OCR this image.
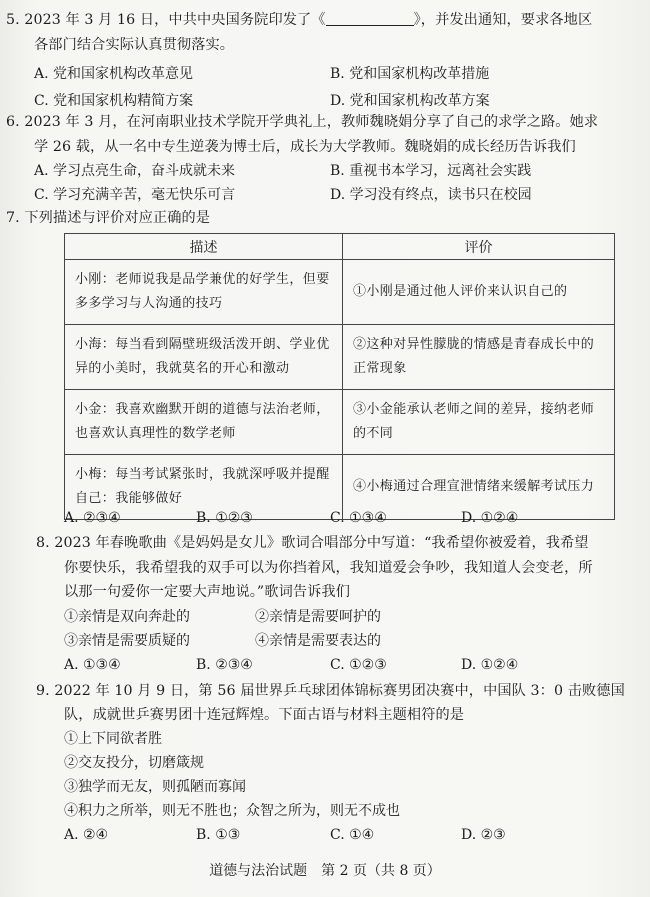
5. 2023 年 3 月 16 日，中共中央国务院印发了《	》，并发出通知，要求各地区
各部门结合实际认真贯彻落实。
A. 党和国家机构改革意见	B. 党和国家机构改革措施
C. 党和国家机构精简方案	D. 党和国家机构改革方案
6. 2023 年 3 月，在河南职业技术学院开学典礼上，教师魏晓娟分享了自己的求学之路。她求
学 26 载，从一名中专生逆袭为博士后，成长为大学教师。魏晓娟的成长经历告诉我们
A. 学习点亮生命，奋斗成就未来	B. 重视书本学习，远离社会实践
C. 学习充满辛苦，毫无快乐可言	D. 学习没有终点，读书只在校园
7. 下列描述与评价对应正确的是
描述	评价

小刚：老师说我是品学兼优的好学生，但要多多学习与人沟通的技巧	①小刚是通过他人评价来认识自己的

小海：每当看到隔壁班级活泼开朗、学业优异的小美时，我就莫名的开心和激动	②这种对异性朦胧的情感是青春成长中的正常现象

小金：我喜欢幽默开朗的道德与法治老师，也喜欢认真理性的数学老师	③小金能承认老师之间的差异，接纳老师的不同

小梅：每当考试紧张时，我就深呼吸并提醒自己：我能够做好	④小梅通过合理宣泄情绪来缓解考试压力
A. ②③④	B. ①②③	C. ①③④	D. ①②④
8. 2023 年春晚歌曲《是妈妈是女儿》歌词合唱部分中写道：“我希望你被爱着，我希望
你要快乐，我希望我的双手可以为你挡着风，我知道爱会争吵，我知道人会变老，所
以那一句爱你一定要大声地说。”歌词告诉我们
①亲情是双向奔赴的	②亲情是需要呵护的
③亲情是需要质疑的	④亲情是需要表达的
A. ①③④	B. ②③④	C. ①②③	D. ①②④
9. 2022 年 10 月 9 日，第 56 届世界乒乓球团体锦标赛男团决赛中，中国队 3：0 击败德国
队，成就世乒赛男团十连冠辉煌。下面古语与材料主题相符的是
①上下同欲者胜
②交友投分，切磨箴规
③独学而无友，则孤陋而寡闻
④积力之所举，则无不胜也；众智之所为，则无不成也
A. ②④	B. ①③	C. ①④	D. ②③
道德与法治试题　第 2 页（共 8 页）
